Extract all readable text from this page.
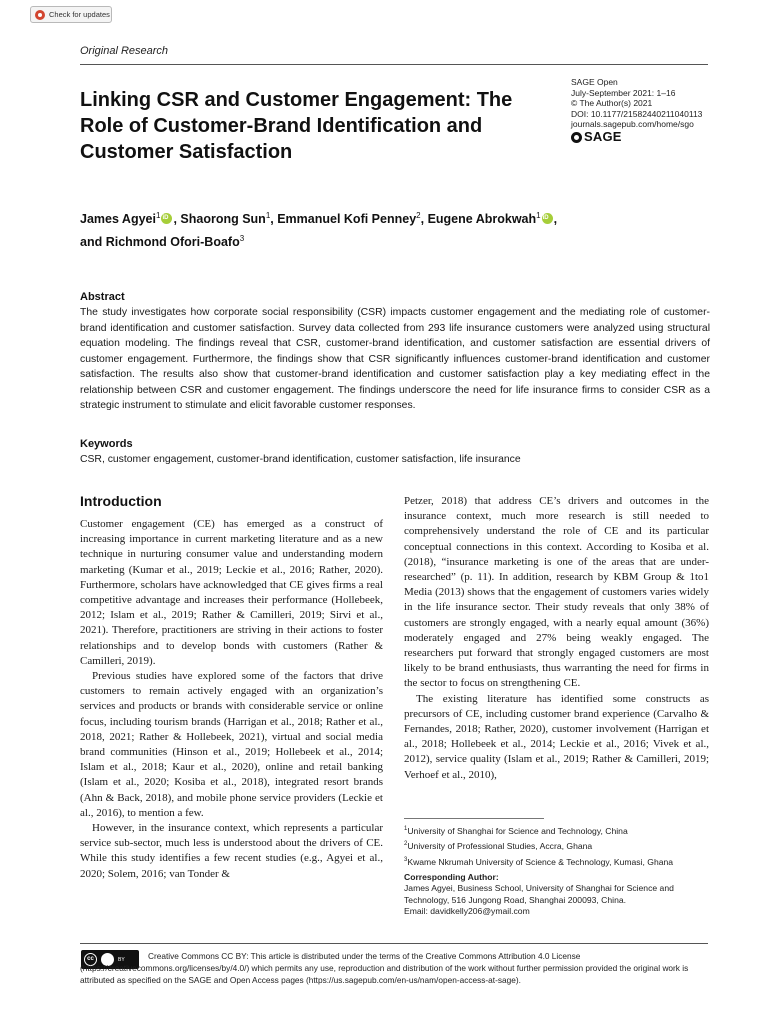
Check for updates
Original Research
Linking CSR and Customer Engagement: The Role of Customer-Brand Identification and Customer Satisfaction
SAGE Open
July-September 2021: 1–16
© The Author(s) 2021
DOI: 10.1177/21582440211040113
journals.sagepub.com/home/sgo
SAGE
James Agyei$^1$ iD , Shaorong Sun$^1$, Emmanuel Kofi Penney$^2$, Eugene Abrokwah$^1$ iD ,
and Richmond Ofori-Boafo$^3$
Abstract

The study investigates how corporate social responsibility (CSR) impacts customer engagement and the mediating role of customer-brand identification and customer satisfaction. Survey data collected from 293 life insurance customers were analyzed using structural equation modeling. The findings reveal that CSR, customer-brand identification, and customer satisfaction are essential drivers of customer engagement. Furthermore, the findings show that CSR significantly influences customer-brand identification and customer satisfaction. The results also show that customer-brand identification and customer satisfaction play a key mediating effect in the relationship between CSR and customer engagement. The findings underscore the need for life insurance firms to consider CSR as a strategic instrument to stimulate and elicit favorable customer responses.

Keywords

CSR, customer engagement, customer-brand identification, customer satisfaction, life insurance

Introduction

Customer engagement (CE) has emerged as a construct of increasing importance in current marketing literature and as a new technique in nurturing consumer value and understanding modern marketing (Kumar et al., 2019; Leckie et al., 2016; Rather, 2020). Furthermore, scholars have acknowledged that CE gives firms a real competitive advantage and increases their performance (Hollebeek, 2012; Islam et al., 2019; Rather & Camilleri, 2019; Sirvi et al., 2021). Therefore, practitioners are striving in their actions to foster relationships and to develop bonds with customers (Rather & Camilleri, 2019).

Previous studies have explored some of the factors that drive customers to remain actively engaged with an organization’s services and products or brands with considerable service or online focus, including tourism brands (Harrigan et al., 2018; Rather et al., 2018, 2021; Rather & Hollebeek, 2021), virtual and social media brand communities (Hinson et al., 2019; Hollebeek et al., 2014; Islam et al., 2018; Kaur et al., 2020), online and retail banking (Islam et al., 2020; Kosiba et al., 2018), integrated resort brands (Ahn & Back, 2018), and mobile phone service providers (Leckie et al., 2016), to mention a few.

However, in the insurance context, which represents a particular service sub-sector, much less is understood about the drivers of CE. While this study identifies a few recent studies (e.g., Agyei et al., 2020; Solem, 2016; van Tonder &

Petzer, 2018) that address CE’s drivers and outcomes in the insurance context, much more research is still needed to comprehensively understand the role of CE and its particular conceptual connections in this context. According to Kosiba et al. (2018), “insurance marketing is one of the areas that are under-researched” (p. 11). In addition, research by KBM Group & 1to1 Media (2013) shows that the engagement of customers varies widely in the life insurance sector. Their study reveals that only 38% of customers are strongly engaged, with a nearly equal amount (36%) moderately engaged and 27% being weakly engaged. The researchers put forward that strongly engaged customers are most likely to be brand enthusiasts, thus warranting the need for firms in the sector to focus on strengthening CE.

The existing literature has identified some constructs as precursors of CE, including customer brand experience (Carvalho & Fernandes, 2018; Rather, 2020), customer involvement (Harrigan et al., 2018; Hollebeek et al., 2014; Leckie et al., 2016; Vivek et al., 2012), service quality (Islam et al., 2019; Rather & Camilleri, 2019; Verhoef et al., 2010),

$^1$University of Shanghai for Science and Technology, China
$^2$University of Professional Studies, Accra, Ghana
$^3$Kwame Nkrumah University of Science & Technology, Kumasi, Ghana
Corresponding Author:
James Agyei, Business School, University of Shanghai for Science and Technology, 516 Jungong Road, Shanghai 200093, China.
Email: davidkelly206@ymail.com
cc	BY	Creative Commons CC BY: This article is distributed under the terms of the Creative Commons Attribution 4.0 License (https://creativecommons.org/licenses/by/4.0/) which permits any use, reproduction and distribution of the work without further permission provided the original work is attributed as specified on the SAGE and Open Access pages (https://us.sagepub.com/en-us/nam/open-access-at-sage).
